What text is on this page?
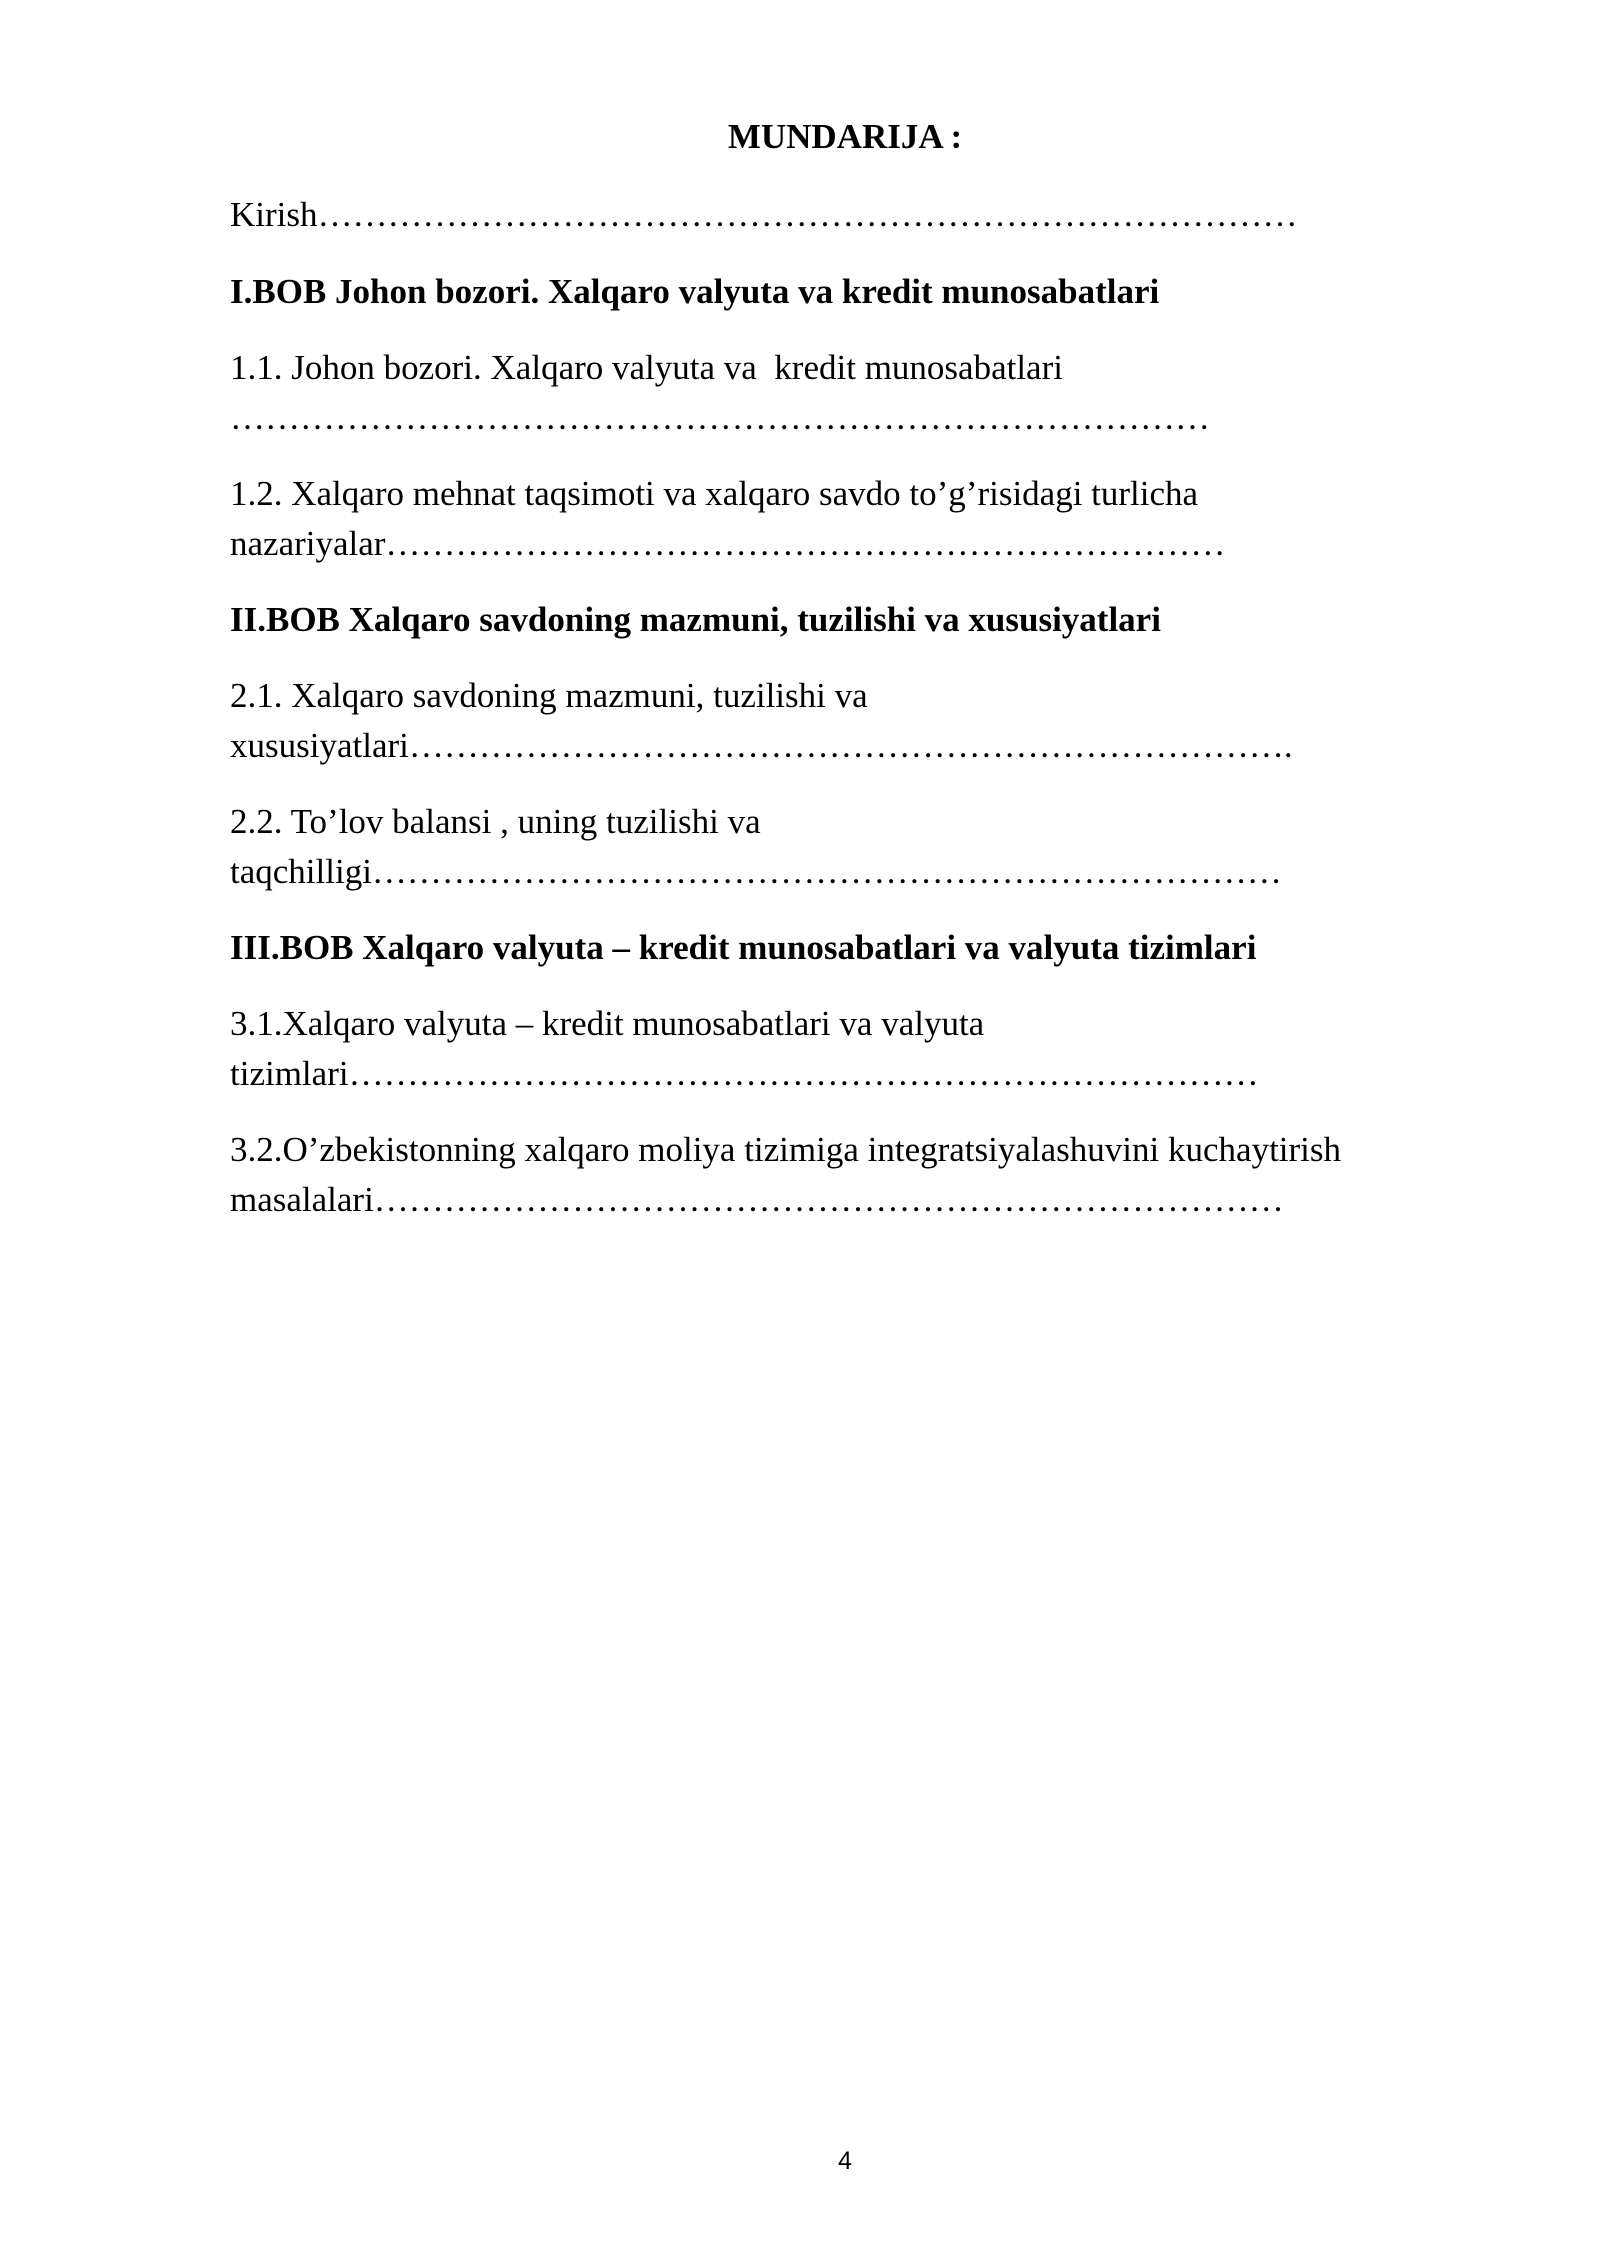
MUNDARIJA :
Kirish…………………………………………………………………………
I.BOB Johon bozori. Xalqaro valyuta va kredit munosabatlari
1.1. Johon bozori. Xalqaro valyuta va  kredit munosabatlari
…………………………………………………………………………
1.2. Xalqaro mehnat taqsimoti va xalqaro savdo to’g’risidagi turlicha nazariyalar………………………………………………………………
II.BOB Xalqaro savdoning mazmuni, tuzilishi va xususiyatlari
2.1. Xalqaro savdoning mazmuni, tuzilishi va
xususiyatlari………………………………………………………………….
2.2. To’lov balansi , uning tuzilishi va
taqchilligi……………………………………………………………………
III.BOB Xalqaro valyuta – kredit munosabatlari va valyuta tizimlari
3.1.Xalqaro valyuta – kredit munosabatlari va valyuta
tizimlari……………………………………………………………………
3.2.O’zbekistonning xalqaro moliya tizimiga integratsiyalashuvini kuchaytirish masalalari……………………………………………………………………
4
